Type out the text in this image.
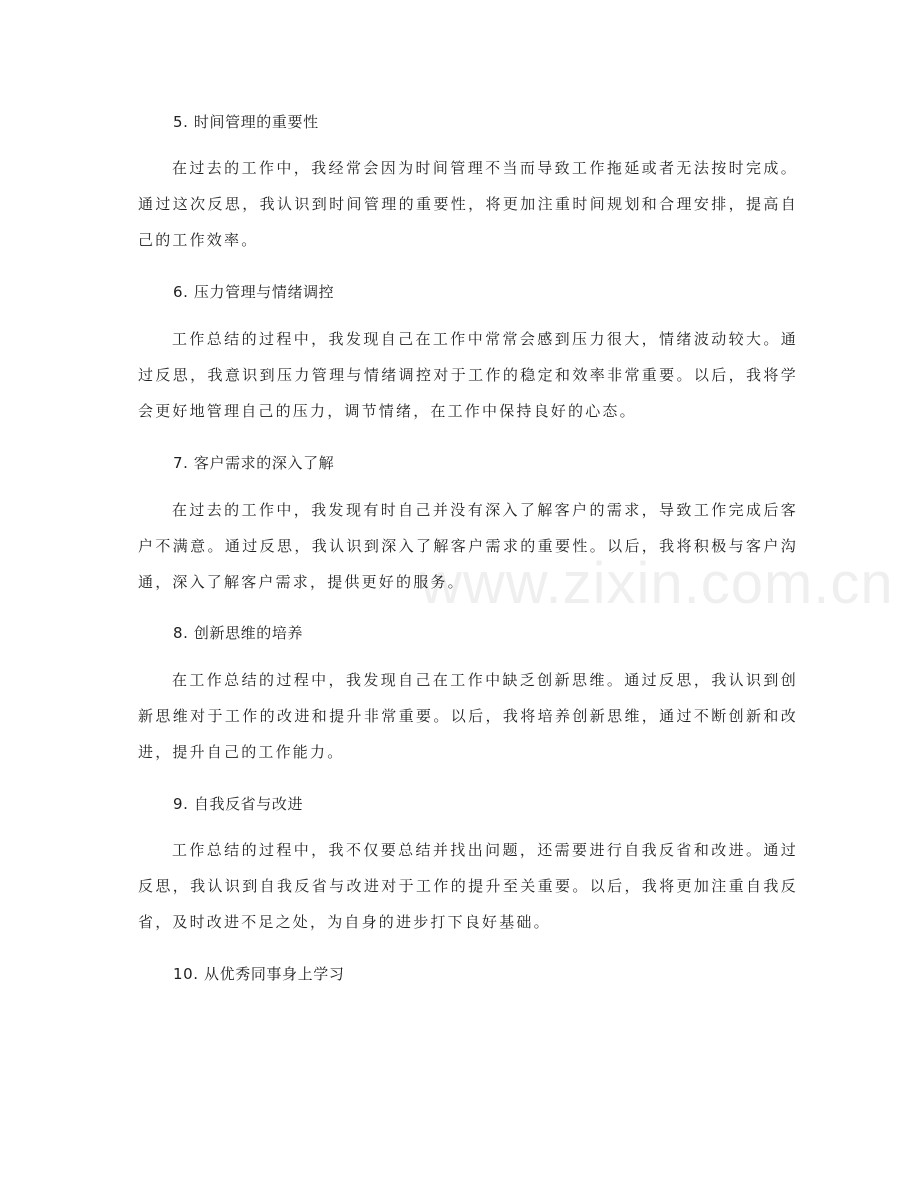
5. 时间管理的重要性
在过去的工作中，我经常会因为时间管理不当而导致工作拖延或者无法按时完成。通过这次反思，我认识到时间管理的重要性，将更加注重时间规划和合理安排，提高自己的工作效率。
6. 压力管理与情绪调控
工作总结的过程中，我发现自己在工作中常常会感到压力很大，情绪波动较大。通过反思，我意识到压力管理与情绪调控对于工作的稳定和效率非常重要。以后，我将学会更好地管理自己的压力，调节情绪，在工作中保持良好的心态。
7. 客户需求的深入了解
在过去的工作中，我发现有时自己并没有深入了解客户的需求，导致工作完成后客户不满意。通过反思，我认识到深入了解客户需求的重要性。以后，我将积极与客户沟通，深入了解客户需求，提供更好的服务。
8. 创新思维的培养
在工作总结的过程中，我发现自己在工作中缺乏创新思维。通过反思，我认识到创新思维对于工作的改进和提升非常重要。以后，我将培养创新思维，通过不断创新和改进，提升自己的工作能力。
9. 自我反省与改进
工作总结的过程中，我不仅要总结并找出问题，还需要进行自我反省和改进。通过反思，我认识到自我反省与改进对于工作的提升至关重要。以后，我将更加注重自我反省，及时改进不足之处，为自身的进步打下良好基础。
10. 从优秀同事身上学习
www.zixin.com.cn
